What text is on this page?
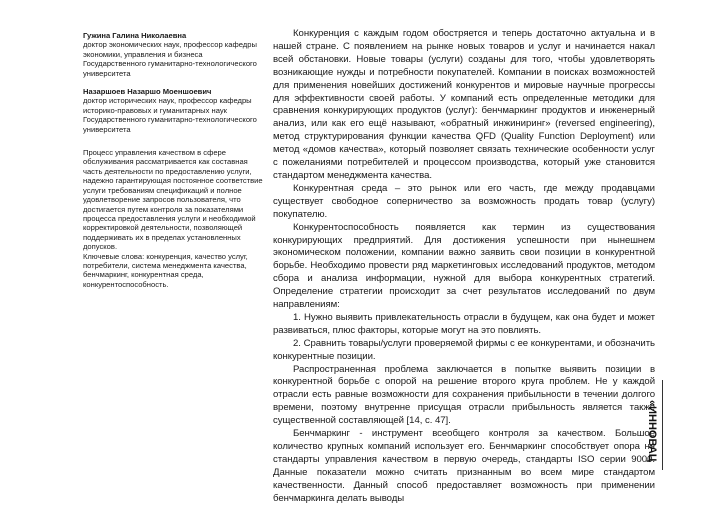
Гужина Галина Николаевна
доктор экономических наук, профессор кафедры экономики, управления и бизнеса Государственного гуманитарно-технологического университета
Назаршоев Назаршо Моеншоевич
доктор исторических наук, профессор кафедры историко-правовых и гуманитарных наук Государственного гуманитарно-технологического университета
Процесс управления качеством в сфере обслуживания рассматривается как составная часть деятельности по предоставлению услуги, надежно гарантирующая постоянное соответствие услуги требованиям спецификаций и полное удовлетворение запросов пользователя, что достигается путем контроля за показателями процесса предоставления услуги и необходимой корректировкой деятельности, позволяющей поддерживать их в пределах установленных допусков.
Ключевые слова: конкуренция, качество услуг, потребители, система менеджмента качества, бенчмаркинг, конкурентная среда, конкурентоспособность.

Конкуренция с каждым годом обостряется и теперь достаточно актуальна и в нашей стране. С появлением на рынке новых товаров и услуг и начинается накал всей обстановки. Новые товары (услуги) созданы для того, чтобы удовлетворять возникающие нужды и потребности покупателей. Компании в поисках возможностей для применения новейших достижений конкурентов и мировые научные прогрессы для эффективности своей работы. У компаний есть определенные методики для сравнения конкурирующих продуктов (услуг): бенчмаркинг продуктов и инженерный анализ, или как его ещё называют, «обратный инжиниринг» (reversed engineering), метод структурирования функции качества QFD (Quality Function Deployment) или метод «домов качества», который позволяет связать технические особенности услуг с пожеланиями потребителей и процессом производства, который уже становится стандартом менеджмента качества.

Конкурентная среда – это рынок или его часть, где между продавцами существует свободное соперничество за возможность продать товар (услугу) покупателю.

Конкурентоспособность появляется как термин из существования конкурирующих предприятий. Для достижения успешности при нынешнем экономическом положении, компании важно заявить свои позиции в конкурентной борьбе. Необходимо провести ряд маркетинговых исследований продуктов, методом сбора и анализа информации, нужной для выбора конкурентных стратегий. Определение стратегии происходит за счет результатов исследований по двум направлениям:

1. Нужно выявить привлекательность отрасли в будущем, как она будет и может развиваться, плюс факторы, которые могут на это повлиять.

2. Сравнить товары/услуги проверяемой фирмы с ее конкурентами, и обозначить конкурентные позиции.

Распространенная проблема заключается в попытке выявить позиции в конкурентной борьбе с опорой на решение второго круга проблем. Не у каждой отрасли есть равные возможности для сохранения прибыльности в течении долгого времени, поэтому внутренне присущая отрасли прибыльность является также существенной составляющей [14, с. 47].

Бенчмаркинг - инструмент всеобщего контроля за качеством. Большое количество крупных компаний использует его. Бенчмаркинг способствует опора на стандарты управления качеством в первую очередь, стандарты ISO серии 9000. Данные показатели можно считать признанным во всем мире стандартом качественности. Данный способ предоставляет возможность при применении бенчмаркинга делать выводы

«ИННОВАЦ
